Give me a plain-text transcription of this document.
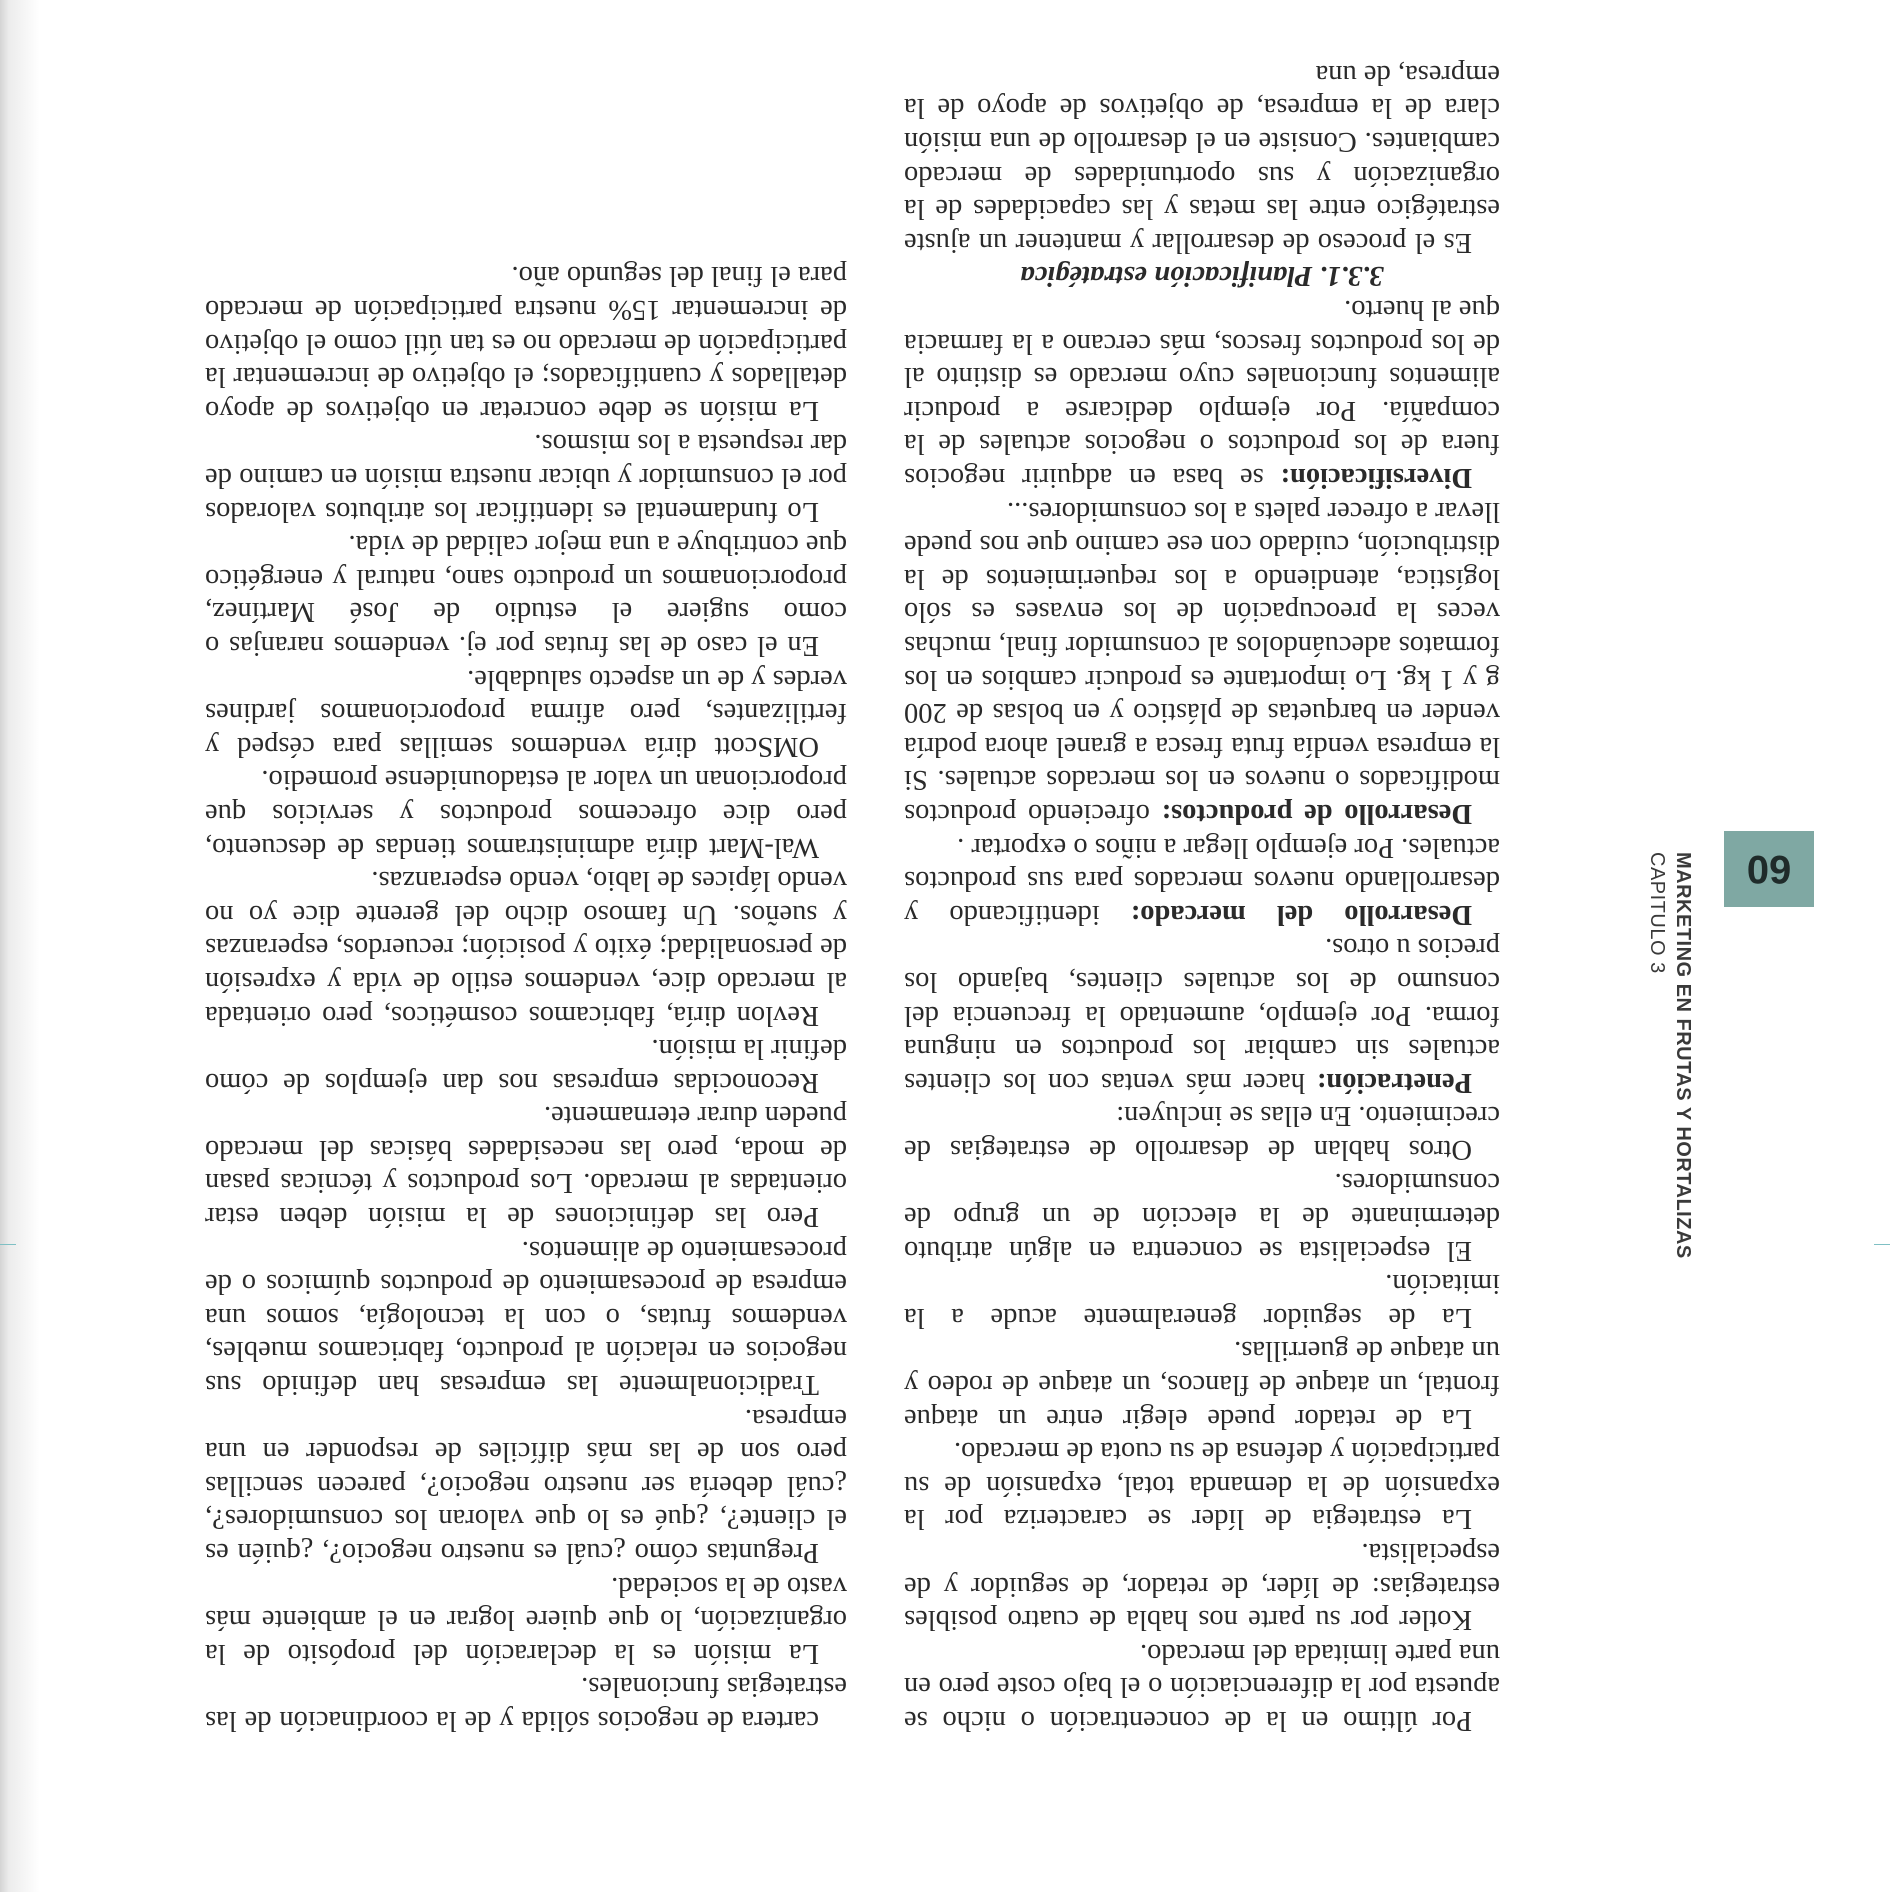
60
MARKETING EN FRUTAS Y HORTALIZAS
CAPITULO 3

Por último en la de concentración o nicho se apuesta por la diferenciación o el bajo coste pero en una parte limitada del mercado.

Kotler por su parte nos habla de cuatro posibles estrategias: de líder, de retador, de seguidor y de especialista.

La estrategia de líder se caracteriza por la expansión de la demanda total, expansión de su participación y defensa de su cuota de mercado.

La de retador puede elegir entre un ataque frontal, un ataque de flancos, un ataque de rodeo y un ataque de guerrillas.

La de seguidor generalmente acude a la imitación.

El especialista se concentra en algún atributo determinante de la elección de un grupo de consumidores.

Otros hablan de desarrollo de estrategias de crecimiento. En ellas se incluyen:

Penetración: hacer más ventas con los clientes actuales sin cambiar los productos en ninguna forma. Por ejemplo, aumentado la frecuencia del consumo de los actuales clientes, bajando los precios u otros.

Desarrollo del mercado: identificando y desarrollando nuevos mercados para sus productos actuales. Por ejemplo llegar a niños o exportar .

Desarrollo de productos: ofreciendo productos modificados o nuevos en los mercados actuales. Si la empresa vendía fruta fresca a granel ahora podría vender en barquetas de plástico y en bolsas de 200 g y 1 kg. Lo importante es producir cambios en los formatos adecuándolos al consumidor final, muchas veces la preocupación de los envases es sólo logística, atendiendo a los requerimientos de la distribución, cuidado con ese camino que nos puede llevar a ofrecer palets a los consumidores...

Diversificación: se basa en adquirir negocios fuera de los productos o negocios actuales de la compañía. Por ejemplo dedicarse a producir alimentos funcionales cuyo mercado es distinto al de los productos frescos, más cercano a la farmacia que al huerto.

3.3.1. Planificación estratégica

Es el proceso de desarrollar y mantener un ajuste estratégico entre las metas y las capacidades de la organización y sus oportunidades de mercado cambiantes. Consiste en el desarrollo de una misión clara de la empresa, de objetivos de apoyo de la empresa, de una

cartera de negocios sólida y de la coordinación de las estrategias funcionales.

La misión es la declaración del propósito de la organización, lo que quiere lograr en el ambiente más vasto de la sociedad.

Preguntas cómo ¿cuál es nuestro negocio?, ¿quién es el cliente?, ¿qué es lo que valoran los consumidores?, ¿cuál debería ser nuestro negocio?, parecen sencillas pero son de las más difíciles de responder en una empresa.

Tradicionalmente las empresas han definido sus negocios en relación al producto, fabricamos muebles, vendemos frutas, o con la tecnología, somos una empresa de procesamiento de productos químicos o de procesamiento de alimentos.

Pero las definiciones de la misión deben estar orientadas al mercado. Los productos y técnicas pasan de moda, pero las necesidades básicas del mercado pueden durar eternamente.

Reconocidas empresas nos dan ejemplos de cómo definir la misión.

Revlon diría, fabricamos cosméticos, pero orientada al mercado dice, vendemos estilo de vida y expresión de personalidad; éxito y posición; recuerdos, esperanzas y sueños. Un famoso dicho del gerente dice yo no vendo lápices de labio, vendo esperanzas.

Wal-Mart diría administramos tiendas de descuento, pero dice ofrecemos productos y servicios que proporcionan un valor al estadounidense promedio.

OMScott diría vendemos semillas para césped y fertilizantes, pero afirma proporcionamos jardines verdes y de un aspecto saludable.

En el caso de las frutas por ej. vendemos naranjas o como sugiere el estudio de José Martínez, proporcionamos un producto sano, natural y energético que contribuye a una mejor calidad de vida.

Lo fundamental es identificar los atributos valorados por el consumidor y ubicar nuestra misión en camino de dar respuesta a los mismos.

La misión se debe concretar en objetivos de apoyo detallados y cuantificados; el objetivo de incrementar la participación de mercado no es tan útil como el objetivo de incrementar 15% nuestra participación de mercado para el final del segundo año.
